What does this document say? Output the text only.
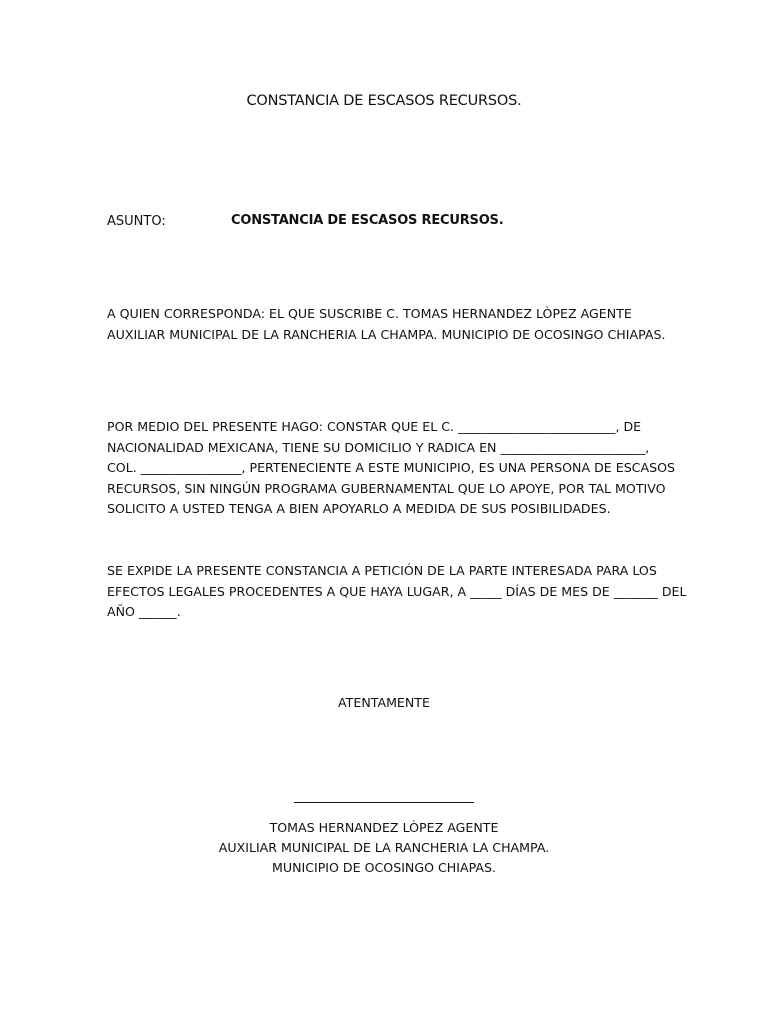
CONSTANCIA DE ESCASOS RECURSOS.
ASUNTO:	CONSTANCIA DE ESCASOS RECURSOS.
A QUIEN CORRESPONDA: EL QUE SUSCRIBE C. TOMAS HERNANDEZ LÒPEZ AGENTE
AUXILIAR MUNICIPAL DE LA RANCHERIA LA CHAMPA. MUNICIPIO DE OCOSINGO CHIAPAS.
POR MEDIO DEL PRESENTE HAGO: CONSTAR QUE EL C. _________________________, DE
NACIONALIDAD MEXICANA, TIENE SU DOMICILIO Y RADICA EN _______________________,
COL. ________________, PERTENECIENTE A ESTE MUNICIPIO, ES UNA PERSONA DE ESCASOS
RECURSOS, SIN NINGÚN PROGRAMA GUBERNAMENTAL QUE LO APOYE, POR TAL MOTIVO
SOLICITO A USTED TENGA A BIEN APOYARLO A MEDIDA DE SUS POSIBILIDADES.
SE EXPIDE LA PRESENTE CONSTANCIA A PETICIÓN DE LA PARTE INTERESADA PARA LOS
EFECTOS LEGALES PROCEDENTES A QUE HAYA LUGAR, A _____ DÍAS DE MES DE _______ DEL
AÑO ______.
ATENTAMENTE
TOMAS HERNANDEZ LÒPEZ AGENTE
AUXILIAR MUNICIPAL DE LA RANCHERIA LA CHAMPA.
MUNICIPIO DE OCOSINGO CHIAPAS.
